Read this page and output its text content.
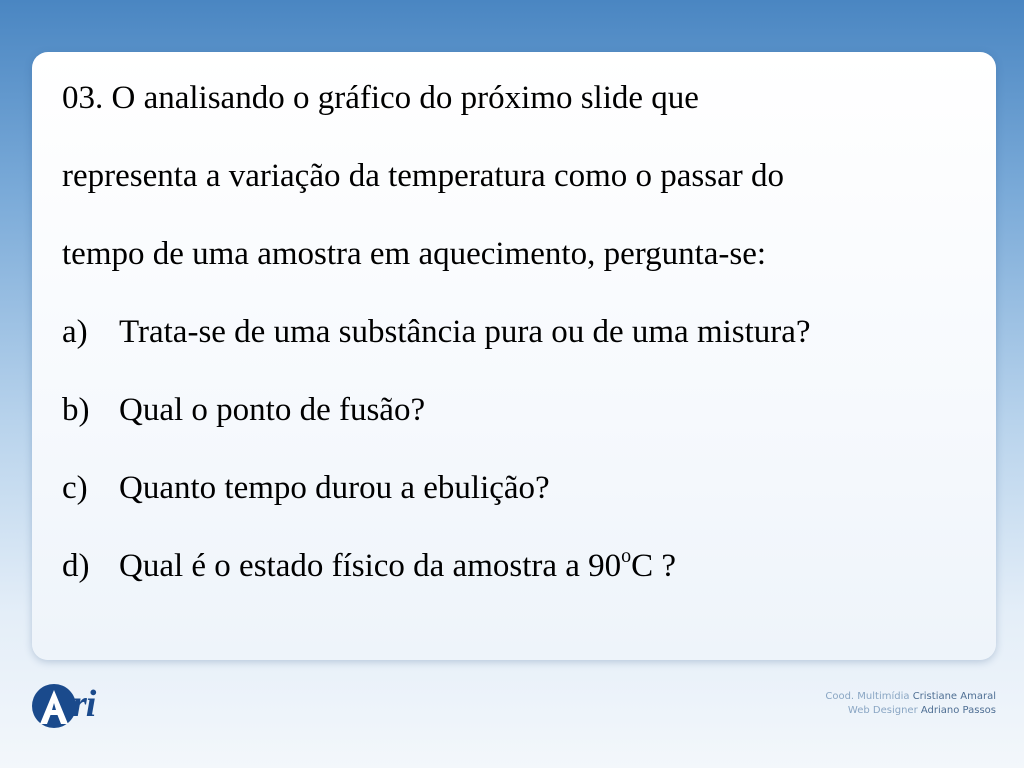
03. O analisando o gráfico do próximo slide que
representa a variação da temperatura como o passar do
tempo de uma amostra em aquecimento, pergunta-se:
a) Trata-se de uma substância pura ou de uma mistura?
b) Qual o ponto de fusão?
c) Quanto tempo durou a ebulição?
d) Qual é o estado físico da amostra a 90$^o$C ?
ri	Cood. Multimídia Cristiane Amaral
Web Designer Adriano Passos
